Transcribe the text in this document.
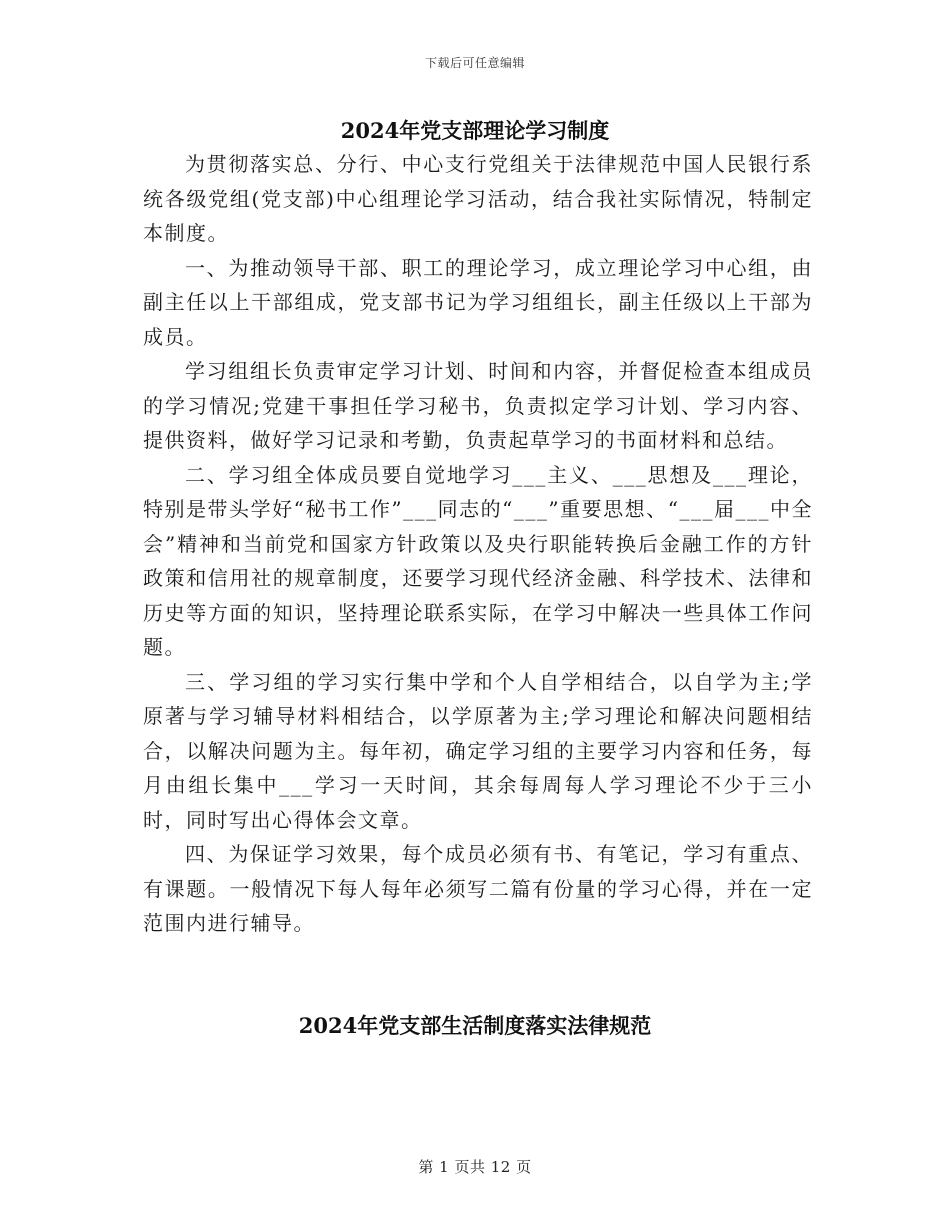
下载后可任意编辑
2024年党支部理论学习制度

为贯彻落实总、分行、中心支行党组关于法律规范中国人民银行系统各级党组(党支部)中心组理论学习活动，结合我社实际情况，特制定本制度。

一、为推动领导干部、职工的理论学习，成立理论学习中心组，由副主任以上干部组成，党支部书记为学习组组长，副主任级以上干部为成员。

学习组组长负责审定学习计划、时间和内容，并督促检查本组成员的学习情况;党建干事担任学习秘书，负责拟定学习计划、学习内容、提供资料，做好学习记录和考勤，负责起草学习的书面材料和总结。

二、学习组全体成员要自觉地学习___主义、___思想及___理论，特别是带头学好“秘书工作”___同志的“___”重要思想、“___届___中全会”精神和当前党和国家方针政策以及央行职能转换后金融工作的方针政策和信用社的规章制度，还要学习现代经济金融、科学技术、法律和历史等方面的知识，坚持理论联系实际，在学习中解决一些具体工作问题。

三、学习组的学习实行集中学和个人自学相结合，以自学为主;学原著与学习辅导材料相结合，以学原著为主;学习理论和解决问题相结合，以解决问题为主。每年初，确定学习组的主要学习内容和任务，每月由组长集中___学习一天时间，其余每周每人学习理论不少于三小时，同时写出心得体会文章。

四、为保证学习效果，每个成员必须有书、有笔记，学习有重点、有课题。一般情况下每人每年必须写二篇有份量的学习心得，并在一定范围内进行辅导。

2024年党支部生活制度落实法律规范
第 1 页共 12 页
